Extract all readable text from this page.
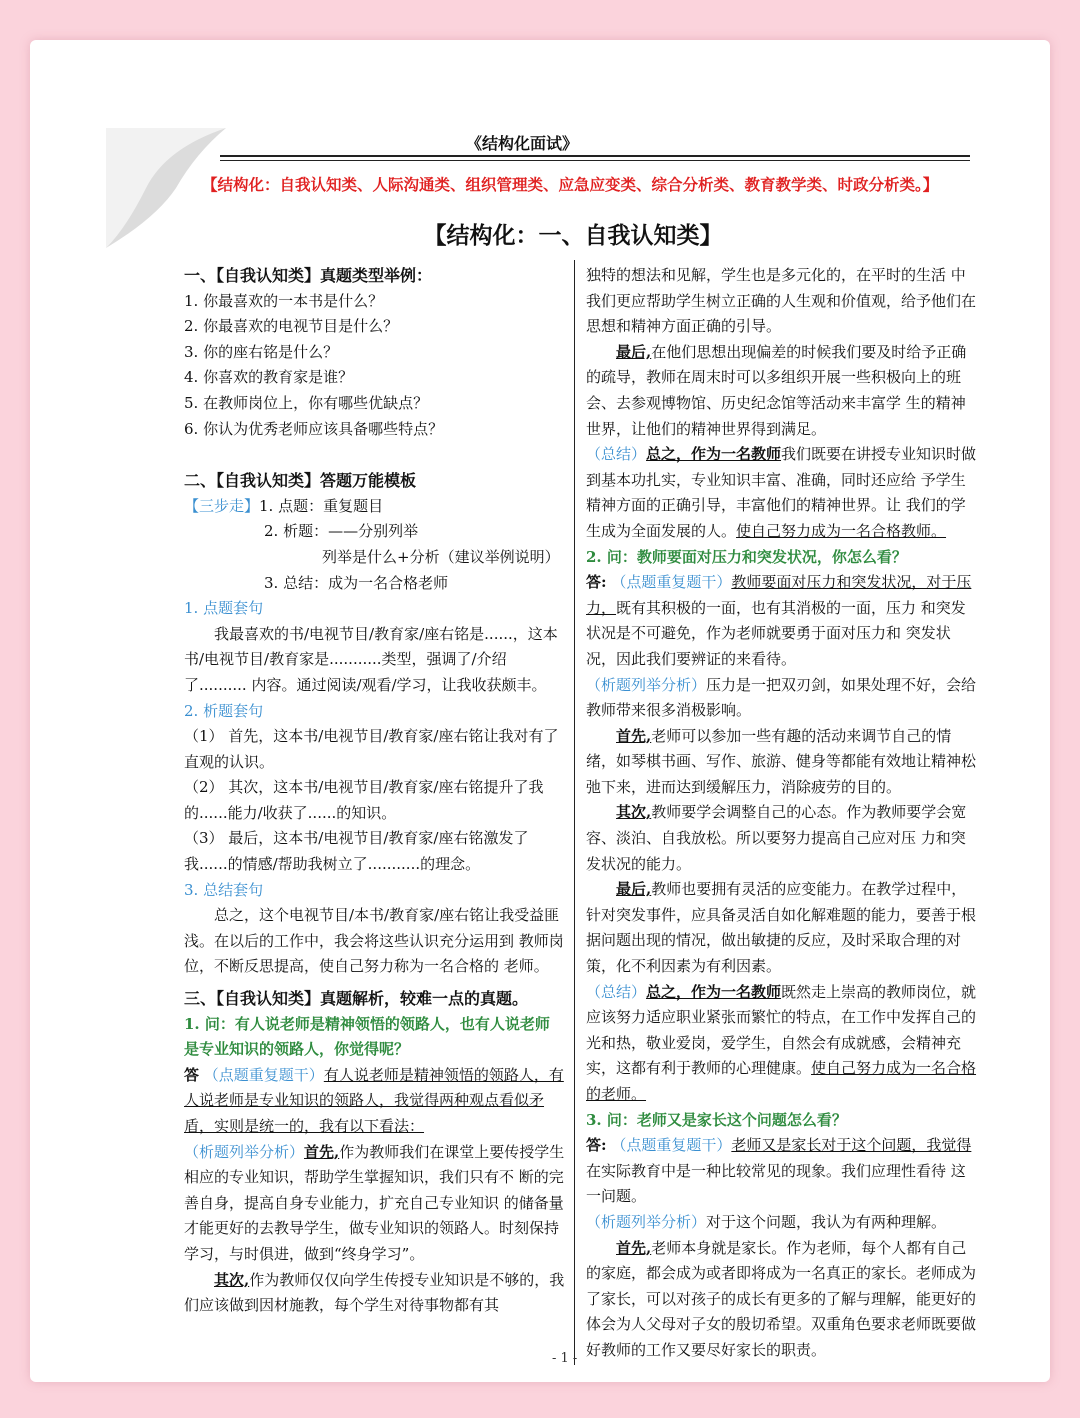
《结构化面试》
【结构化：自我认知类、人际沟通类、组织管理类、应急应变类、综合分析类、教育教学类、时政分析类。】
【结构化：一、自我认知类】

一、【自我认知类】真题类型举例：

1. 你最喜欢的一本书是什么？

2. 你最喜欢的电视节目是什么？

3. 你的座右铭是什么？

4. 你喜欢的教育家是谁？

5. 在教师岗位上，你有哪些优缺点？

6. 你认为优秀老师应该具备哪些特点？

二、【自我认知类】答题万能模板

【三步走】1. 点题：重复题目

2. 析题：——分别列举

列举是什么+分析（建议举例说明）

3. 总结：成为一名合格老师

1. 点题套句

我最喜欢的书/电视节目/教育家/座右铭是......，这本书/电视节目/教育家是...........类型，强调了/介绍了.......... 内容。通过阅读/观看/学习，让我收获颇丰。

2. 析题套句

（1） 首先，这本书/电视节目/教育家/座右铭让我对有了直观的认识。

（2） 其次，这本书/电视节目/教育家/座右铭提升了我的......能力/收获了......的知识。

（3） 最后，这本书/电视节目/教育家/座右铭激发了我......的情感/帮助我树立了...........的理念。

3. 总结套句

总之，这个电视节目/本书/教育家/座右铭让我受益匪浅。在以后的工作中，我会将这些认识充分运用到 教师岗位，不断反思提高，使自己努力称为一名合格的 老师。

三、【自我认知类】真题解析，较难一点的真题。

1. 问：有人说老师是精神领悟的领路人，也有人说老师 是专业知识的领路人，你觉得呢？

答 （点题重复题干）有人说老师是精神领悟的领路人，有人说老师是专业知识的领路人，我觉得两种观点看似矛盾，实则是统一的，我有以下看法：

（析题列举分析）首先,作为教师我们在课堂上要传授学生相应的专业知识，帮助学生掌握知识，我们只有不 断的完善自身，提高自身专业能力，扩充自己专业知识 的储备量才能更好的去教导学生，做专业知识的领路人。时刻保持学习，与时俱进，做到“终身学习”。

其次,作为教师仅仅向学生传授专业知识是不够的，我们应该做到因材施教，每个学生对待事物都有其

独特的想法和见解，学生也是多元化的，在平时的生活 中我们更应帮助学生树立正确的人生观和价值观，给予他们在思想和精神方面正确的引导。

最后,在他们思想出现偏差的时候我们要及时给予正确的疏导，教师在周末时可以多组织开展一些积极向上的班会、去参观博物馆、历史纪念馆等活动来丰富学 生的精神世界，让他们的精神世界得到满足。

（总结）总之，作为一名教师我们既要在讲授专业知识时做到基本功扎实，专业知识丰富、准确，同时还应给 予学生精神方面的正确引导，丰富他们的精神世界。让 我们的学生成为全面发展的人。使自己努力成为一名合格教师。

2. 问：教师要面对压力和突发状况，你怎么看？

答: （点题重复题干）教师要面对压力和突发状况，对于压力，既有其积极的一面，也有其消极的一面，压力 和突发状况是不可避免，作为老师就要勇于面对压力和 突发状况，因此我们要辨证的来看待。

（析题列举分析）压力是一把双刃剑，如果处理不好，会给教师带来很多消极影响。

首先,老师可以参加一些有趣的活动来调节自己的情绪，如琴棋书画、写作、旅游、健身等都能有效地让精神松弛下来，进而达到缓解压力，消除疲劳的目的。

其次,教师要学会调整自己的心态。作为教师要学会宽容、淡泊、自我放松。所以要努力提高自己应对压 力和突发状况的能力。

最后,教师也要拥有灵活的应变能力。在教学过程中，针对突发事件，应具备灵活自如化解难题的能力，要善于根据问题出现的情况，做出敏捷的反应，及时采取合理的对策，化不利因素为有利因素。

（总结）总之，作为一名教师既然走上崇高的教师岗位，就应该努力适应职业紧张而繁忙的特点，在工作中发挥自己的光和热，敬业爱岗，爱学生，自然会有成就感，会精神充实，这都有利于教师的心理健康。使自己努力成为一名合格的老师。

3. 问：老师又是家长这个问题怎么看？

答: （点题重复题干）老师又是家长对于这个问题，我觉得在实际教育中是一种比较常见的现象。我们应理性看待 这一问题。

（析题列举分析）对于这个问题，我认为有两种理解。

首先,老师本身就是家长。作为老师，每个人都有自己的家庭，都会成为或者即将成为一名真正的家长。老师成为了家长，可以对孩子的成长有更多的了解与理解，能更好的体会为人父母对子女的殷切希望。双重角色要求老师既要做好教师的工作又要尽好家长的职责。

- 1 -
